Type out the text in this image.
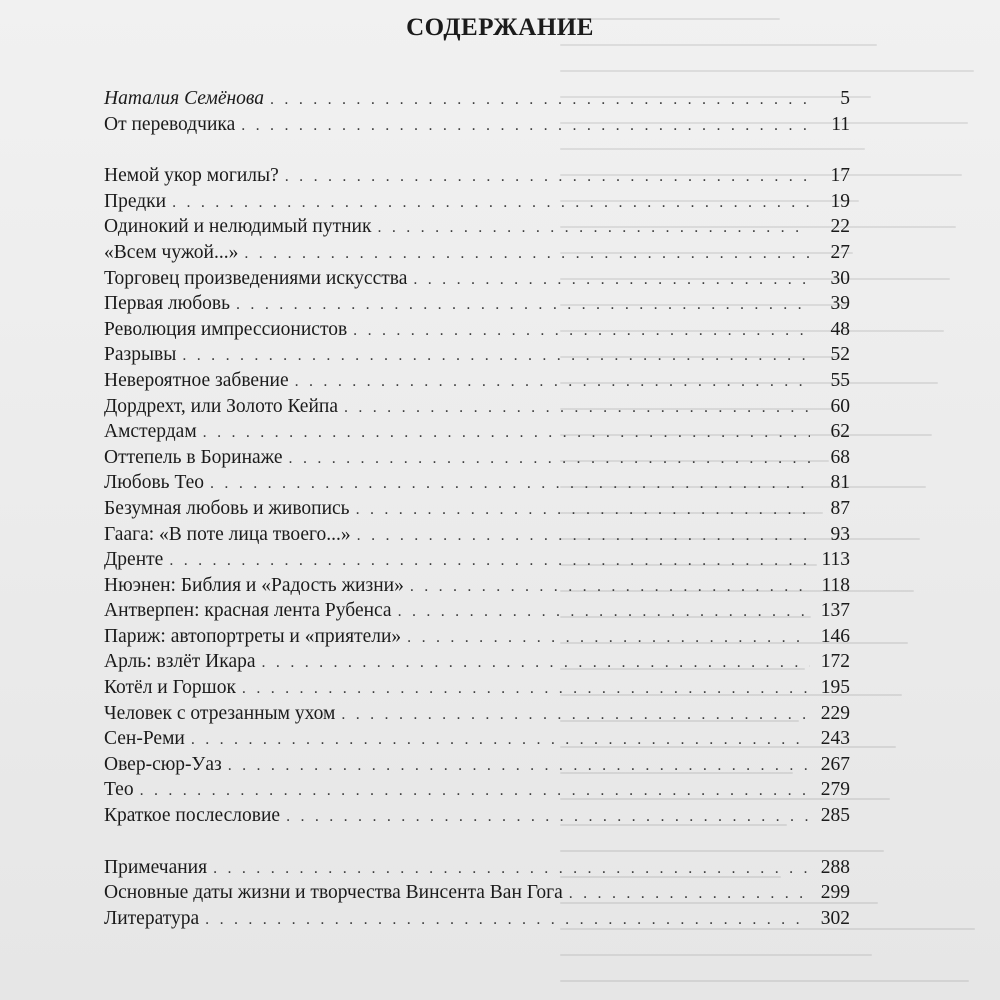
СОДЕРЖАНИЕ
Наталия Семёнова . . .	5
От переводчика . . .	11
Немой укор могилы? . . .	17
Предки . . .	19
Одинокий и нелюдимый путник . . .	22
«Всем чужой...» . . .	27
Торговец произведениями искусства . . .	30
Первая любовь . . .	39
Революция импрессионистов . . .	48
Разрывы . . .	52
Невероятное забвение . . .	55
Дордрехт, или Золото Кейпа . . .	60
Амстердам . . .	62
Оттепель в Боринаже . . .	68
Любовь Тео . . .	81
Безумная любовь и живопись . . .	87
Гаага: «В поте лица твоего...» . . .	93
Дренте . . .	113
Нюэнен: Библия и «Радость жизни» . . .	118
Антверпен: красная лента Рубенса . . .	137
Париж: автопортреты и «приятели» . . .	146
Арль: взлёт Икара . . .	172
Котёл и Горшок . . .	195
Человек с отрезанным ухом . . .	229
Сен-Реми . . .	243
Овер-сюр-Уаз . . .	267
Тео . . .	279
Краткое послесловие . . .	285
Примечания . . .	288
Основные даты жизни и творчества Винсента Ван Гога . . .	299
Литература . . .	302
